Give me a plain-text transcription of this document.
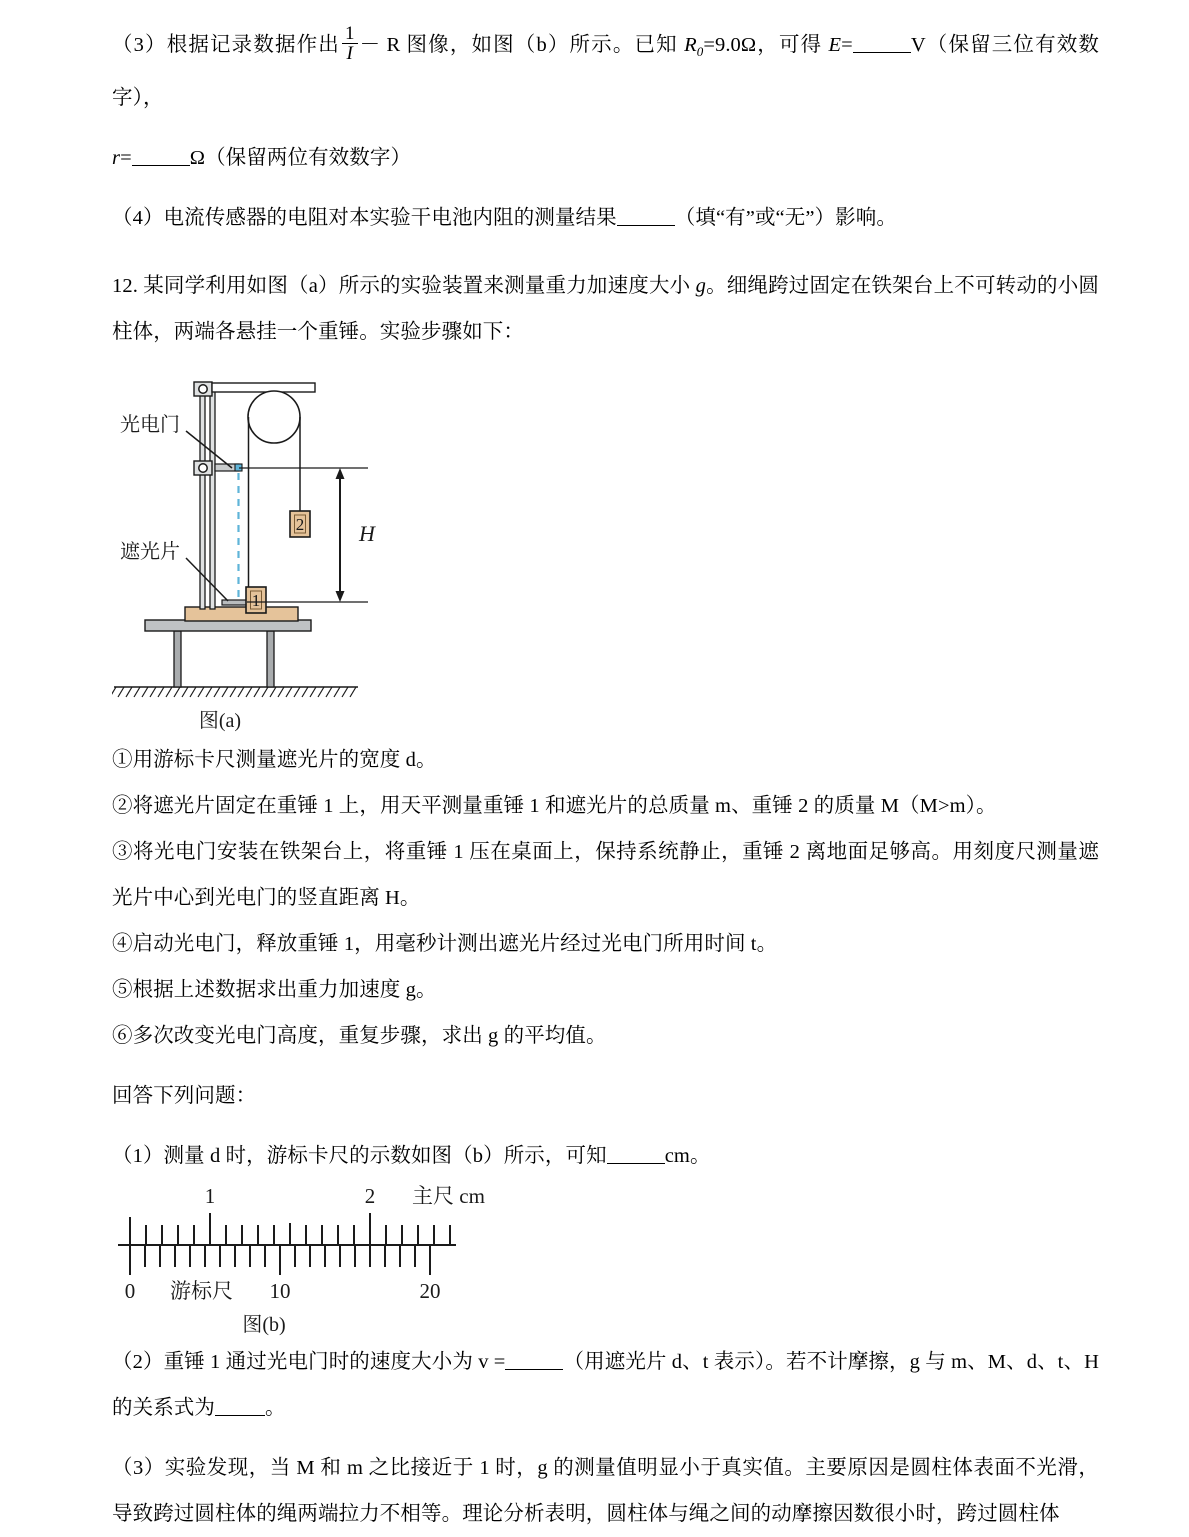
（3）根据记录数据作出 $\frac{1}{I} - R$ 图像，如图（b）所示。已知 $R_0=9.0\Omega$，可得 E=	V（保留三位有效数字），

r=	Ω（保留两位有效数字）

（4）电流传感器的电阻对本实验干电池内阻的测量结果	（填“有”或“无”）影响。

12. 某同学利用如图（a）所示的实验装置来测量重力加速度大小 g。细绳跨过固定在铁架台上不可转动的小圆柱体，两端各悬挂一个重锤。实验步骤如下：

1
2 H
光电门
遮光片
图(a)

①用游标卡尺测量遮光片的宽度 d。

②将遮光片固定在重锤 1 上，用天平测量重锤 1 和遮光片的总质量 m、重锤 2 的质量 M（M>m）。

③将光电门安装在铁架台上，将重锤 1 压在桌面上，保持系统静止，重锤 2 离地面足够高。用刻度尺测量遮光片中心到光电门的竖直距离 H。

④启动光电门，释放重锤 1，用毫秒计测出遮光片经过光电门所用时间 t。

⑤根据上述数据求出重力加速度 g。

⑥多次改变光电门高度，重复步骤，求出 g 的平均值。

回答下列问题：

（1）测量 d 时，游标卡尺的示数如图（b）所示，可知	cm。

1	2 主尺 cm
0	10	20
游标尺
图(b)

（2）重锤 1 通过光电门时的速度大小为 v =	（用遮光片 d、t 表示）。若不计摩擦，g 与 m、M、d、t、H 的关系式为 。

（3）实验发现，当 M 和 m 之比接近于 1 时，g 的测量值明显小于真实值。主要原因是圆柱体表面不光滑，导致跨过圆柱体的绳两端拉力不相等。理论分析表明，圆柱体与绳之间的动摩擦因数很小时，跨过圆柱体
